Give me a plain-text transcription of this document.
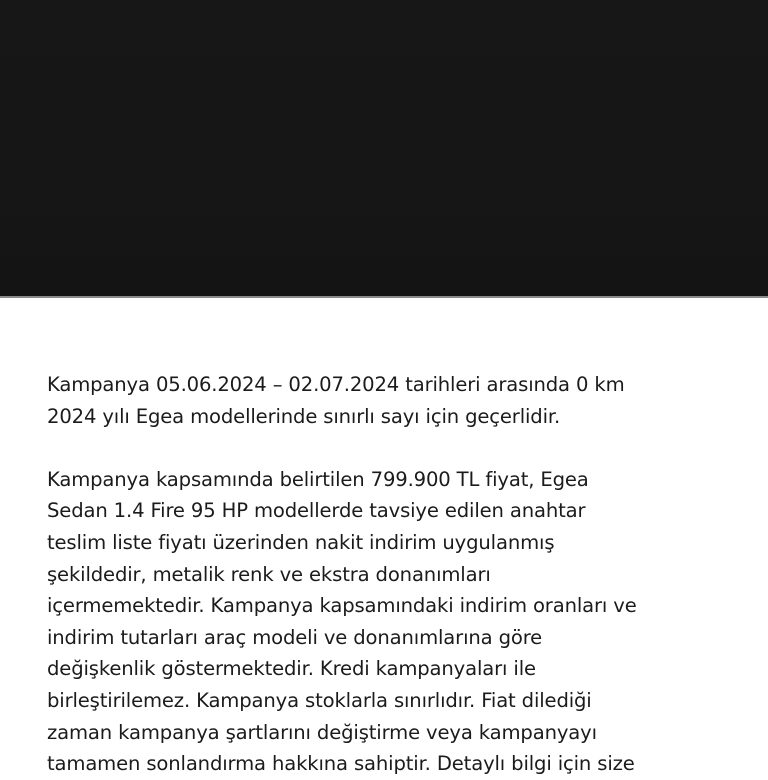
Kampanya 05.06.2024 – 02.07.2024 tarihleri arasında 0 km
2024 yılı Egea modellerinde sınırlı sayı için geçerlidir.

Kampanya kapsamında belirtilen 799.900 TL fiyat, Egea
Sedan 1.4 Fire 95 HP modellerde tavsiye edilen anahtar
teslim liste fiyatı üzerinden nakit indirim uygulanmış
şekildedir, metalik renk ve ekstra donanımları
içermemektedir. Kampanya kapsamındaki indirim oranları ve
indirim tutarları araç modeli ve donanımlarına göre
değişkenlik göstermektedir. Kredi kampanyaları ile
birleştirilemez. Kampanya stoklarla sınırlıdır. Fiat dilediği
zaman kampanya şartlarını değiştirme veya kampanyayı
tamamen sonlandırma hakkına sahiptir. Detaylı bilgi için size
